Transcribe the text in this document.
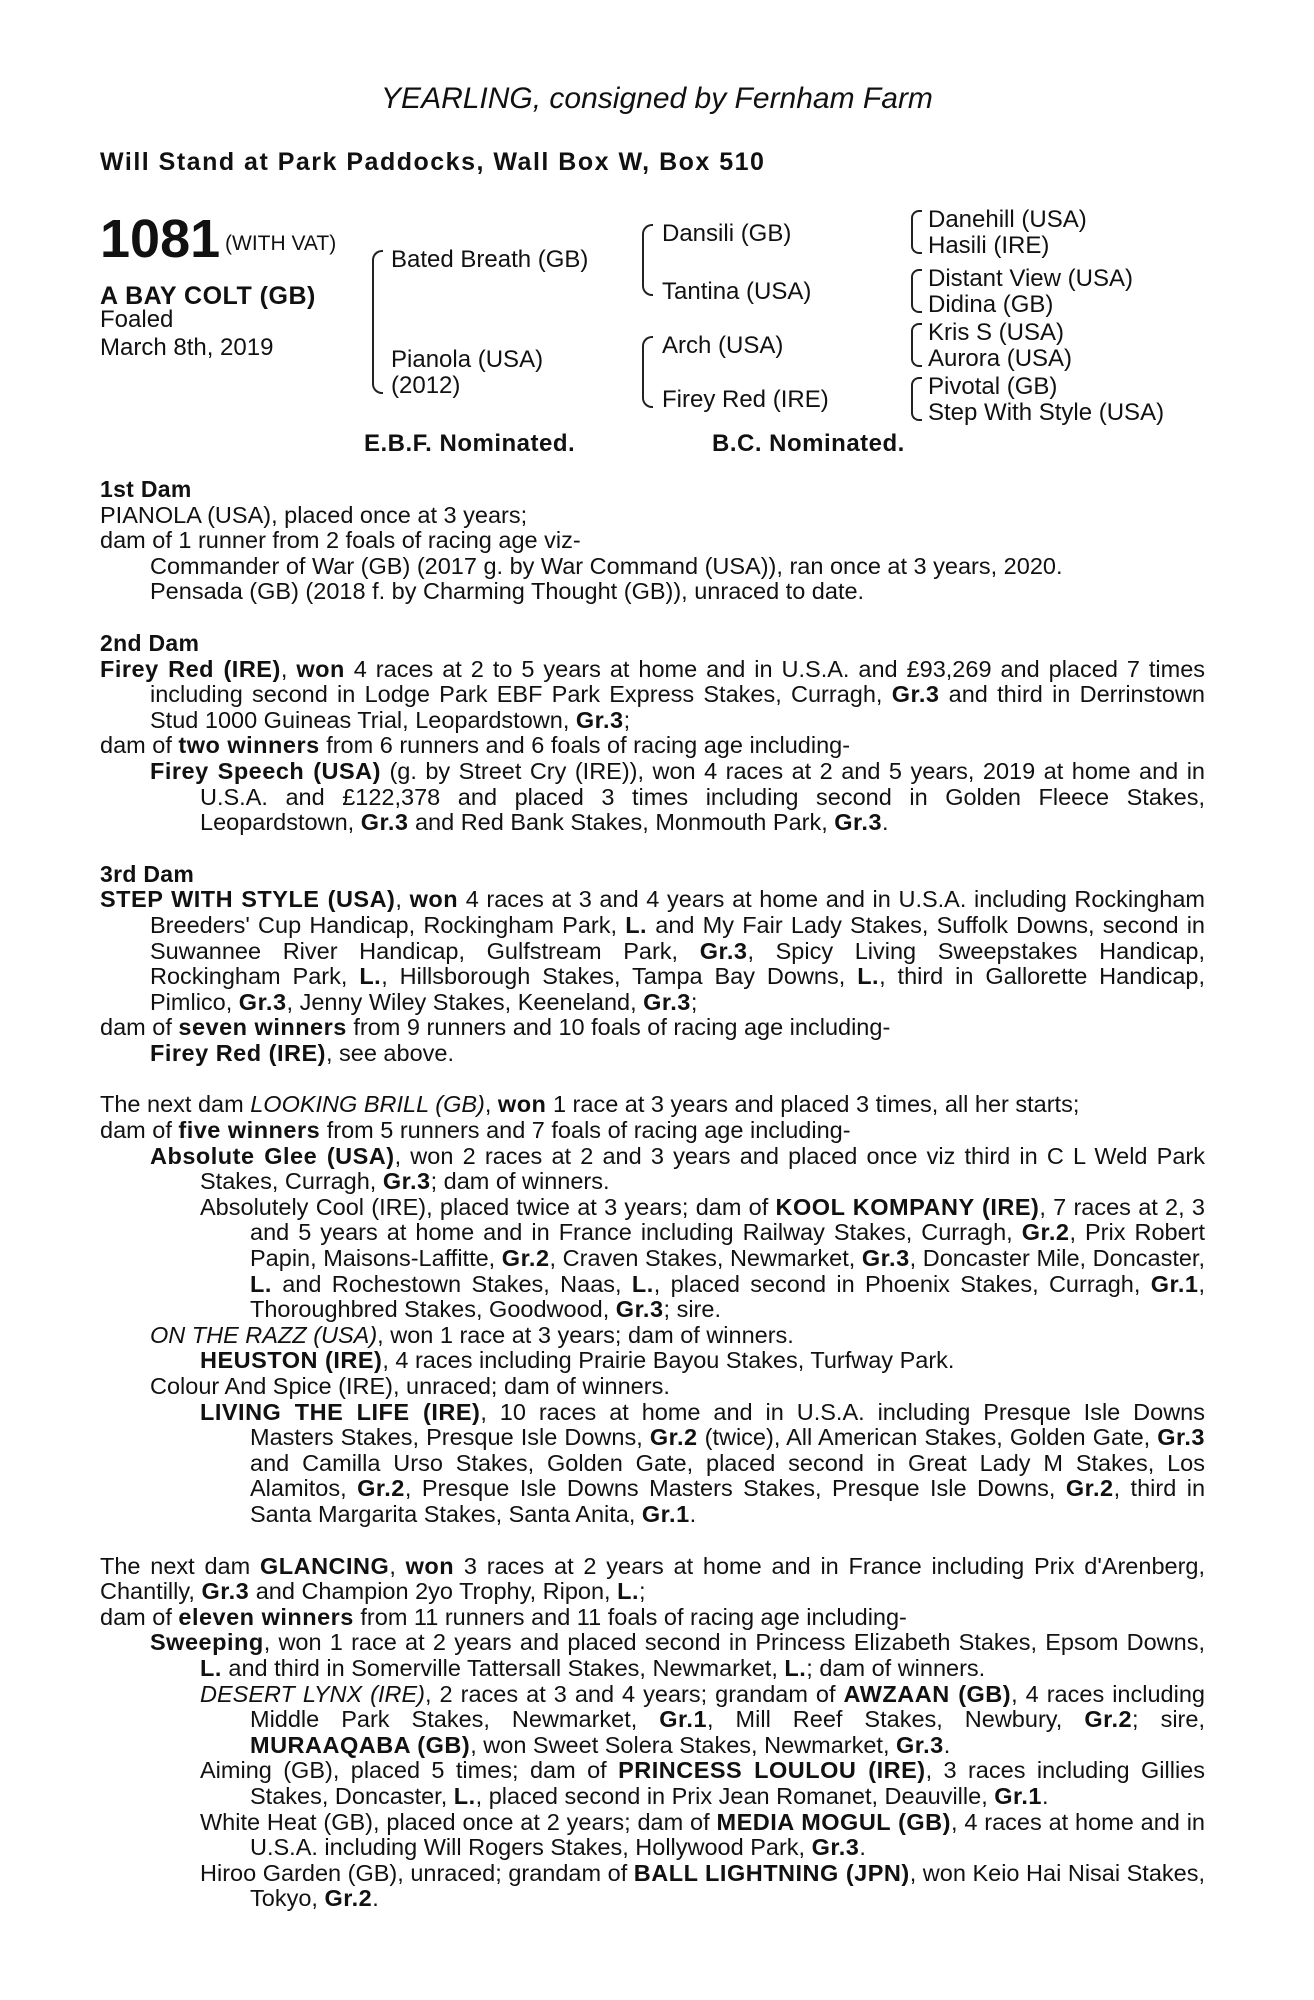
YEARLING, consigned by Fernham Farm
Will Stand at Park Paddocks, Wall Box W, Box 510
1081 (WITH VAT)
A BAY COLT (GB)
Foaled
March 8th, 2019
Bated Breath (GB)
Pianola (USA)
(2012)
Dansili (GB)
Tantina (USA)
Arch (USA)
Firey Red (IRE)
Danehill (USA)
Hasili (IRE)
Distant View (USA)
Didina (GB)
Kris S (USA)
Aurora (USA)
Pivotal (GB)
Step With Style (USA)
E.B.F. Nominated.	B.C. Nominated.
1st Dam
PIANOLA (USA), placed once at 3 years;
dam of 1 runner from 2 foals of racing age viz-
Commander of War (GB) (2017 g. by War Command (USA)), ran once at 3 years, 2020.
Pensada (GB) (2018 f. by Charming Thought (GB)), unraced to date.
2nd Dam
Firey Red (IRE), won 4 races at 2 to 5 years at home and in U.S.A. and £93,269 and placed 7 times including second in Lodge Park EBF Park Express Stakes, Curragh, Gr.3 and third in Derrinstown Stud 1000 Guineas Trial, Leopardstown, Gr.3;
dam of two winners from 6 runners and 6 foals of racing age including-
Firey Speech (USA) (g. by Street Cry (IRE)), won 4 races at 2 and 5 years, 2019 at home and in U.S.A. and £122,378 and placed 3 times including second in Golden Fleece Stakes, Leopardstown, Gr.3 and Red Bank Stakes, Monmouth Park, Gr.3.
3rd Dam
STEP WITH STYLE (USA), won 4 races at 3 and 4 years at home and in U.S.A. including Rockingham Breeders' Cup Handicap, Rockingham Park, L. and My Fair Lady Stakes, Suffolk Downs, second in Suwannee River Handicap, Gulfstream Park, Gr.3, Spicy Living Sweepstakes Handicap, Rockingham Park, L., Hillsborough Stakes, Tampa Bay Downs, L., third in Gallorette Handicap, Pimlico, Gr.3, Jenny Wiley Stakes, Keeneland, Gr.3;
dam of seven winners from 9 runners and 10 foals of racing age including-
Firey Red (IRE), see above.
The next dam LOOKING BRILL (GB), won 1 race at 3 years and placed 3 times, all her starts;
dam of five winners from 5 runners and 7 foals of racing age including-
Absolute Glee (USA), won 2 races at 2 and 3 years and placed once viz third in C L Weld Park Stakes, Curragh, Gr.3; dam of winners.
Absolutely Cool (IRE), placed twice at 3 years; dam of KOOL KOMPANY (IRE), 7 races at 2, 3 and 5 years at home and in France including Railway Stakes, Curragh, Gr.2, Prix Robert Papin, Maisons-Laffitte, Gr.2, Craven Stakes, Newmarket, Gr.3, Doncaster Mile, Doncaster, L. and Rochestown Stakes, Naas, L., placed second in Phoenix Stakes, Curragh, Gr.1, Thoroughbred Stakes, Goodwood, Gr.3; sire.
ON THE RAZZ (USA), won 1 race at 3 years; dam of winners.
HEUSTON (IRE), 4 races including Prairie Bayou Stakes, Turfway Park.
Colour And Spice (IRE), unraced; dam of winners.
LIVING THE LIFE (IRE), 10 races at home and in U.S.A. including Presque Isle Downs Masters Stakes, Presque Isle Downs, Gr.2 (twice), All American Stakes, Golden Gate, Gr.3 and Camilla Urso Stakes, Golden Gate, placed second in Great Lady M Stakes, Los Alamitos, Gr.2, Presque Isle Downs Masters Stakes, Presque Isle Downs, Gr.2, third in Santa Margarita Stakes, Santa Anita, Gr.1.
The next dam GLANCING, won 3 races at 2 years at home and in France including Prix d'Arenberg, Chantilly, Gr.3 and Champion 2yo Trophy, Ripon, L.;
dam of eleven winners from 11 runners and 11 foals of racing age including-
Sweeping, won 1 race at 2 years and placed second in Princess Elizabeth Stakes, Epsom Downs, L. and third in Somerville Tattersall Stakes, Newmarket, L.; dam of winners.
DESERT LYNX (IRE), 2 races at 3 and 4 years; grandam of AWZAAN (GB), 4 races including Middle Park Stakes, Newmarket, Gr.1, Mill Reef Stakes, Newbury, Gr.2; sire, MURAAQABA (GB), won Sweet Solera Stakes, Newmarket, Gr.3.
Aiming (GB), placed 5 times; dam of PRINCESS LOULOU (IRE), 3 races including Gillies Stakes, Doncaster, L., placed second in Prix Jean Romanet, Deauville, Gr.1.
White Heat (GB), placed once at 2 years; dam of MEDIA MOGUL (GB), 4 races at home and in U.S.A. including Will Rogers Stakes, Hollywood Park, Gr.3.
Hiroo Garden (GB), unraced; grandam of BALL LIGHTNING (JPN), won Keio Hai Nisai Stakes, Tokyo, Gr.2.
